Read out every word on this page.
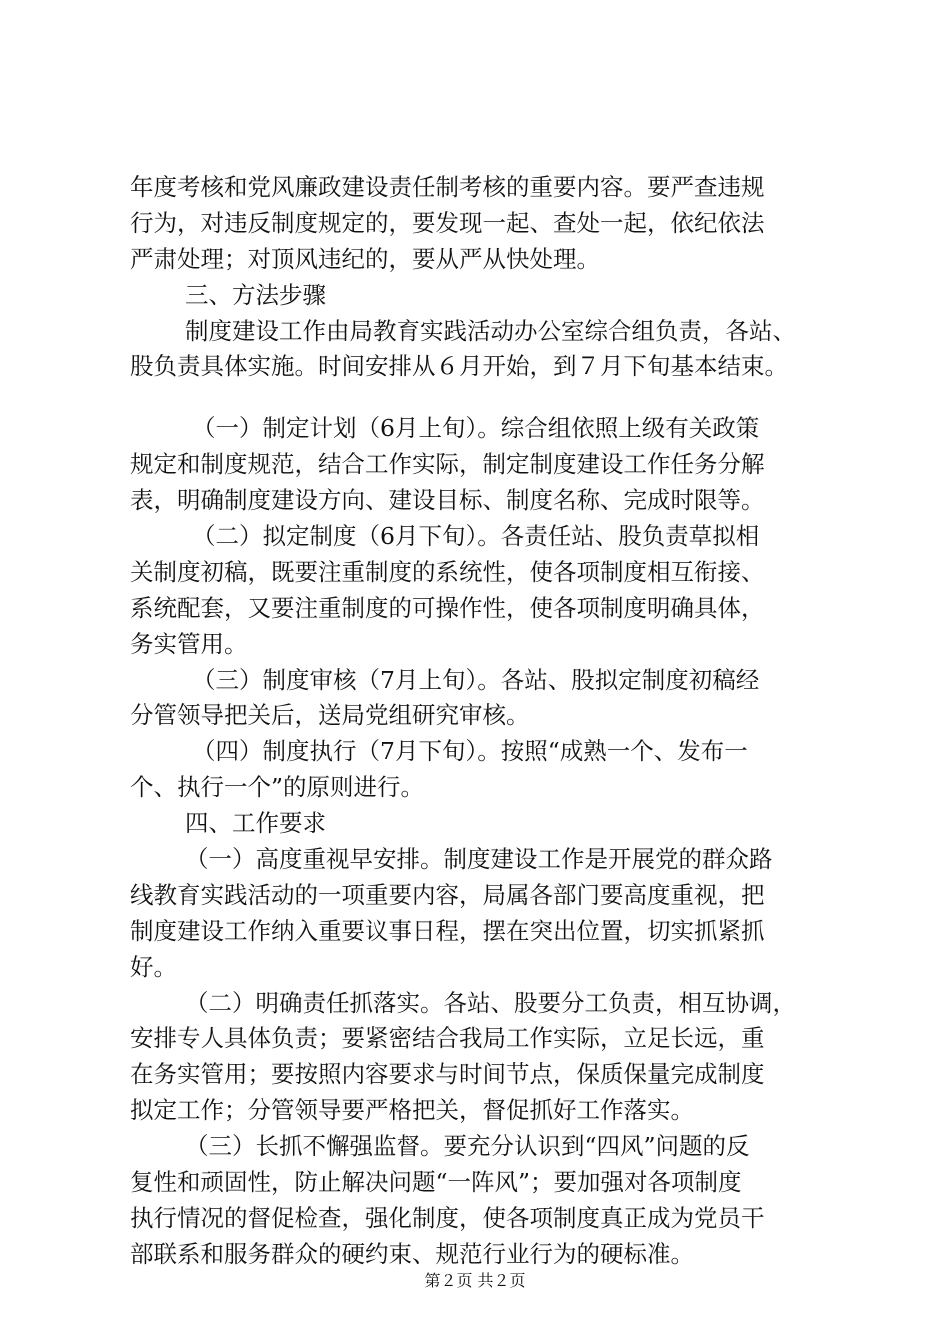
年度考核和党风廉政建设责任制考核的重要内容。要严查违规
行为，对违反制度规定的，要发现一起、查处一起，依纪依法
严肃处理；对顶风违纪的，要从严从快处理。
三、方法步骤
制度建设工作由局教育实践活动办公室综合组负责，各站、
股负责具体实施。时间安排从６月开始，到７月下旬基本结束。
（一）制定计划（6月上旬）。综合组依照上级有关政策
规定和制度规范，结合工作实际，制定制度建设工作任务分解
表，明确制度建设方向、建设目标、制度名称、完成时限等。
（二）拟定制度（6月下旬）。各责任站、股负责草拟相
关制度初稿，既要注重制度的系统性，使各项制度相互衔接、
系统配套，又要注重制度的可操作性，使各项制度明确具体，
务实管用。
（三）制度审核（7月上旬）。各站、股拟定制度初稿经
分管领导把关后，送局党组研究审核。
（四）制度执行（7月下旬）。按照“成熟一个、发布一
个、执行一个”的原则进行。
四、工作要求
（一）高度重视早安排。制度建设工作是开展党的群众路
线教育实践活动的一项重要内容，局属各部门要高度重视，把
制度建设工作纳入重要议事日程，摆在突出位置，切实抓紧抓
好。
（二）明确责任抓落实。各站、股要分工负责，相互协调，
安排专人具体负责；要紧密结合我局工作实际，立足长远，重
在务实管用；要按照内容要求与时间节点，保质保量完成制度
拟定工作；分管领导要严格把关，督促抓好工作落实。
（三）长抓不懈强监督。要充分认识到“四风”问题的反
复性和顽固性，防止解决问题“一阵风”；要加强对各项制度
执行情况的督促检查，强化制度，使各项制度真正成为党员干
部联系和服务群众的硬约束、规范行业行为的硬标准。
第２页 共２页
